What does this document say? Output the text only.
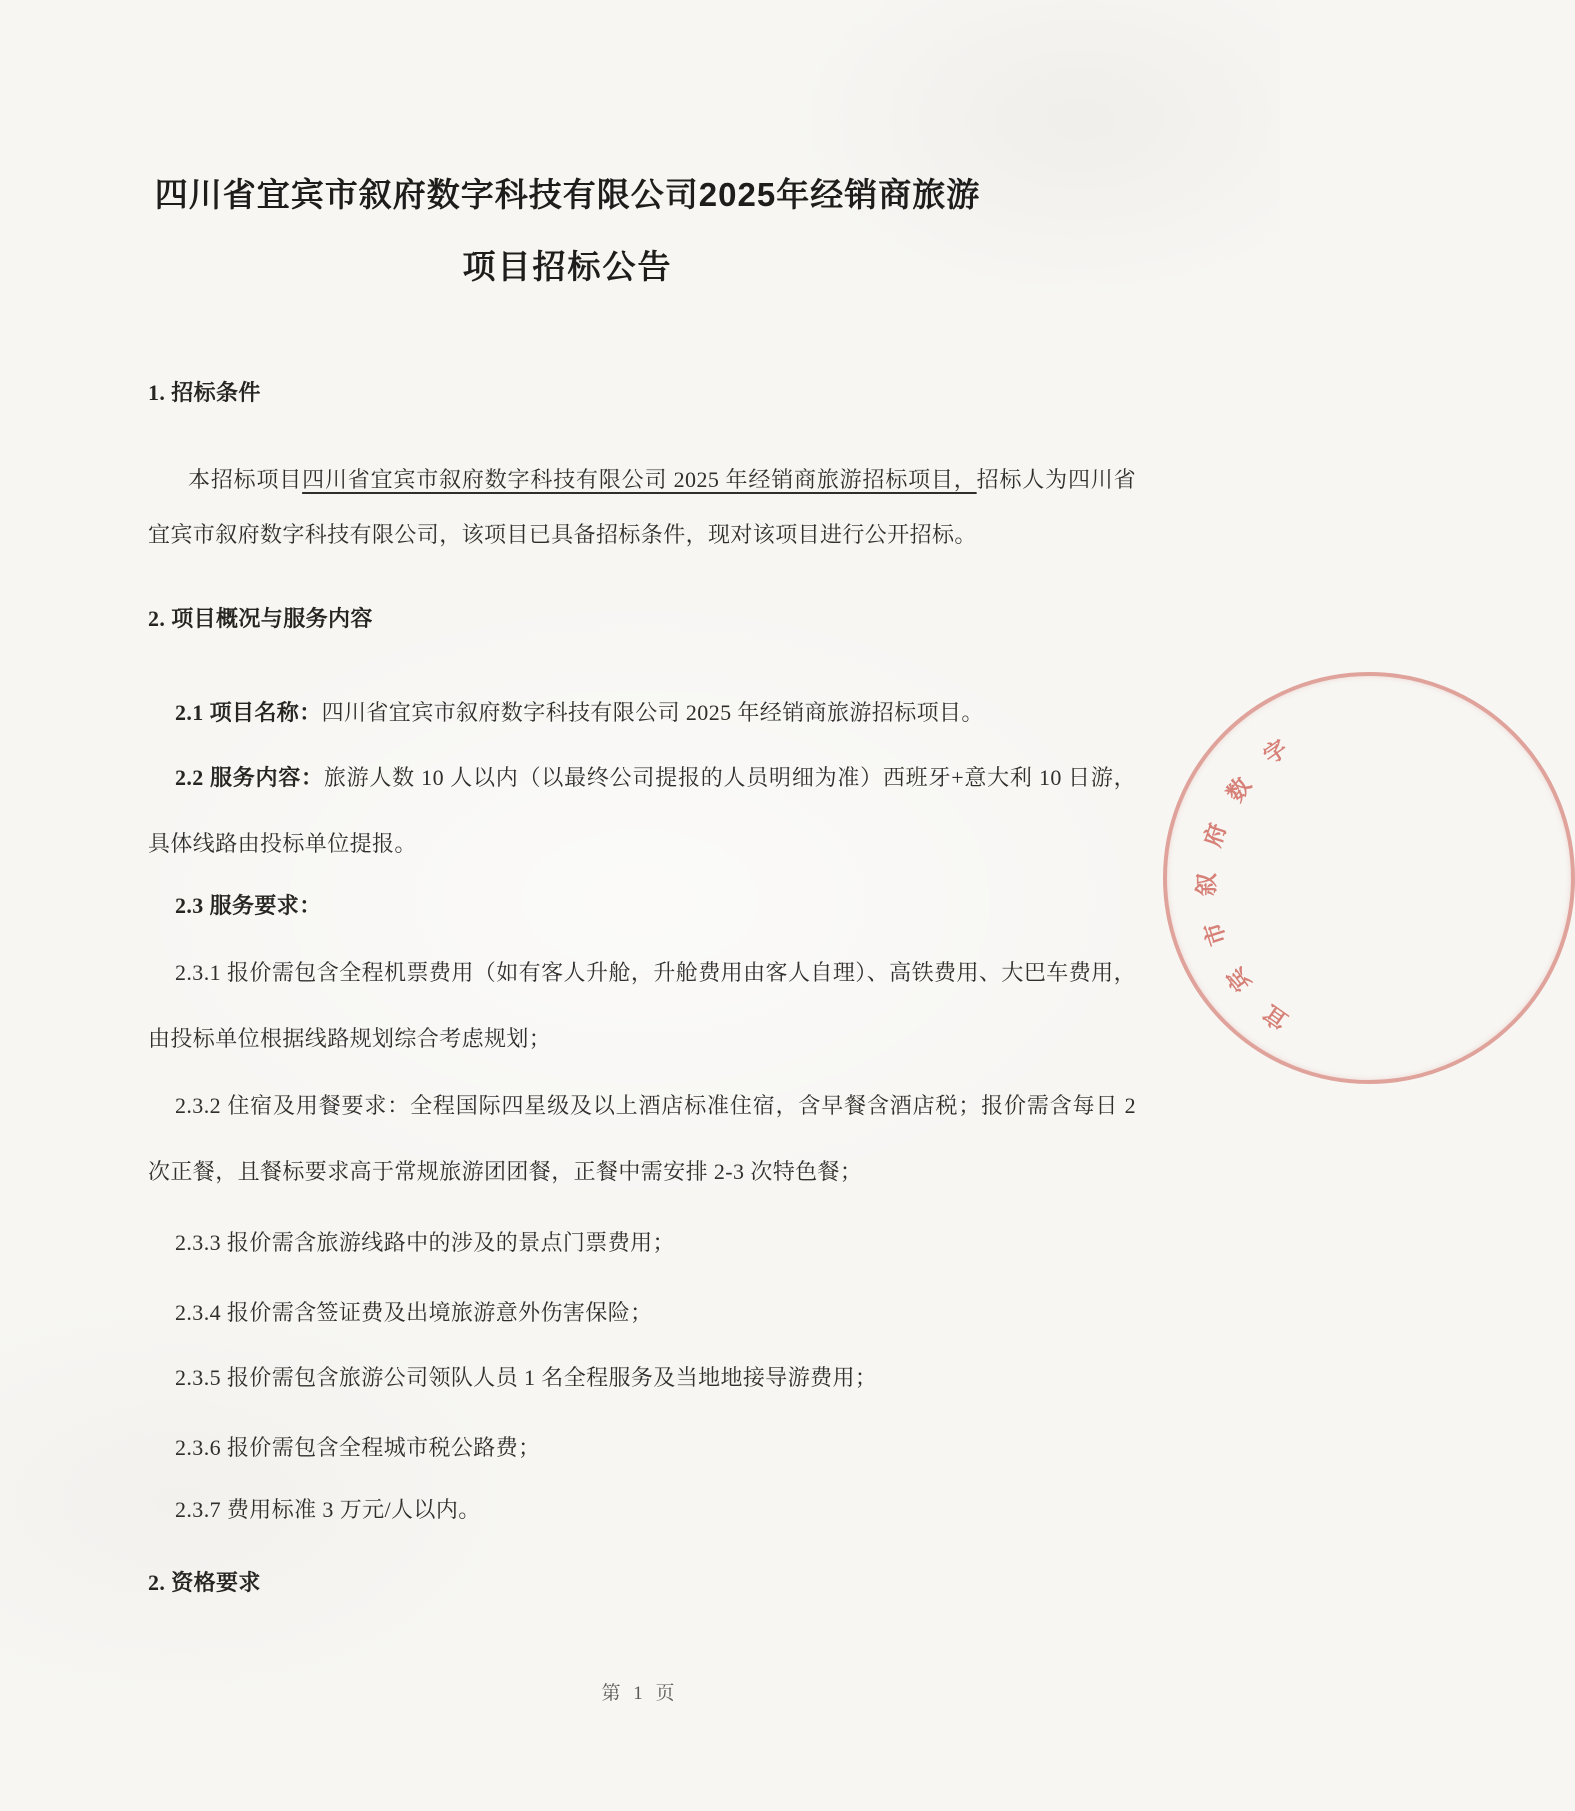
四川省宜宾市叙府数字科技有限公司2025年经销商旅游
项目招标公告
1. 招标条件
本招标项目四川省宜宾市叙府数字科技有限公司 2025 年经销商旅游招标项目，招标人为四川省宜宾市叙府数字科技有限公司，该项目已具备招标条件，现对该项目进行公开招标。
2. 项目概况与服务内容
2.1 项目名称：四川省宜宾市叙府数字科技有限公司 2025 年经销商旅游招标项目。
2.2 服务内容：旅游人数 10 人以内（以最终公司提报的人员明细为准）西班牙+意大利 10 日游，具体线路由投标单位提报。
2.3 服务要求：
2.3.1 报价需包含全程机票费用（如有客人升舱，升舱费用由客人自理）、高铁费用、大巴车费用，由投标单位根据线路规划综合考虑规划；
2.3.2 住宿及用餐要求：全程国际四星级及以上酒店标准住宿，含早餐含酒店税；报价需含每日 2 次正餐，且餐标要求高于常规旅游团团餐，正餐中需安排 2-3 次特色餐；
2.3.3 报价需含旅游线路中的涉及的景点门票费用；
2.3.4 报价需含签证费及出境旅游意外伤害保险；
2.3.5 报价需包含旅游公司领队人员 1 名全程服务及当地地接导游费用；
2.3.6 报价需包含全程城市税公路费；
2.3.7 费用标准 3 万元/人以内。
2. 资格要求
字
数
府
叙
市
宾
宜
第 1 页
